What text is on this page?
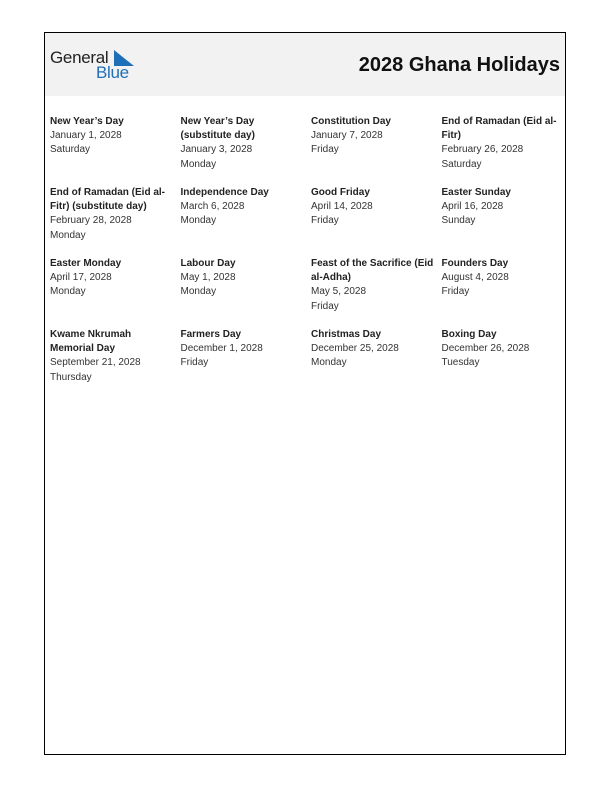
General
Blue	2028 Ghana Holidays
New Year’s Day
January 1, 2028
Saturday
New Year’s Day (substitute day)
January 3, 2028
Monday
Constitution Day
January 7, 2028
Friday
End of Ramadan (Eid al-Fitr)
February 26, 2028
Saturday
End of Ramadan (Eid al-Fitr) (substitute day)
February 28, 2028
Monday
Independence Day
March 6, 2028
Monday
Good Friday
April 14, 2028
Friday
Easter Sunday
April 16, 2028
Sunday
Easter Monday
April 17, 2028
Monday
Labour Day
May 1, 2028
Monday
Feast of the Sacrifice (Eid al-Adha)
May 5, 2028
Friday
Founders Day
August 4, 2028
Friday
Kwame Nkrumah Memorial Day
September 21, 2028
Thursday
Farmers Day
December 1, 2028
Friday
Christmas Day
December 25, 2028
Monday
Boxing Day
December 26, 2028
Tuesday
